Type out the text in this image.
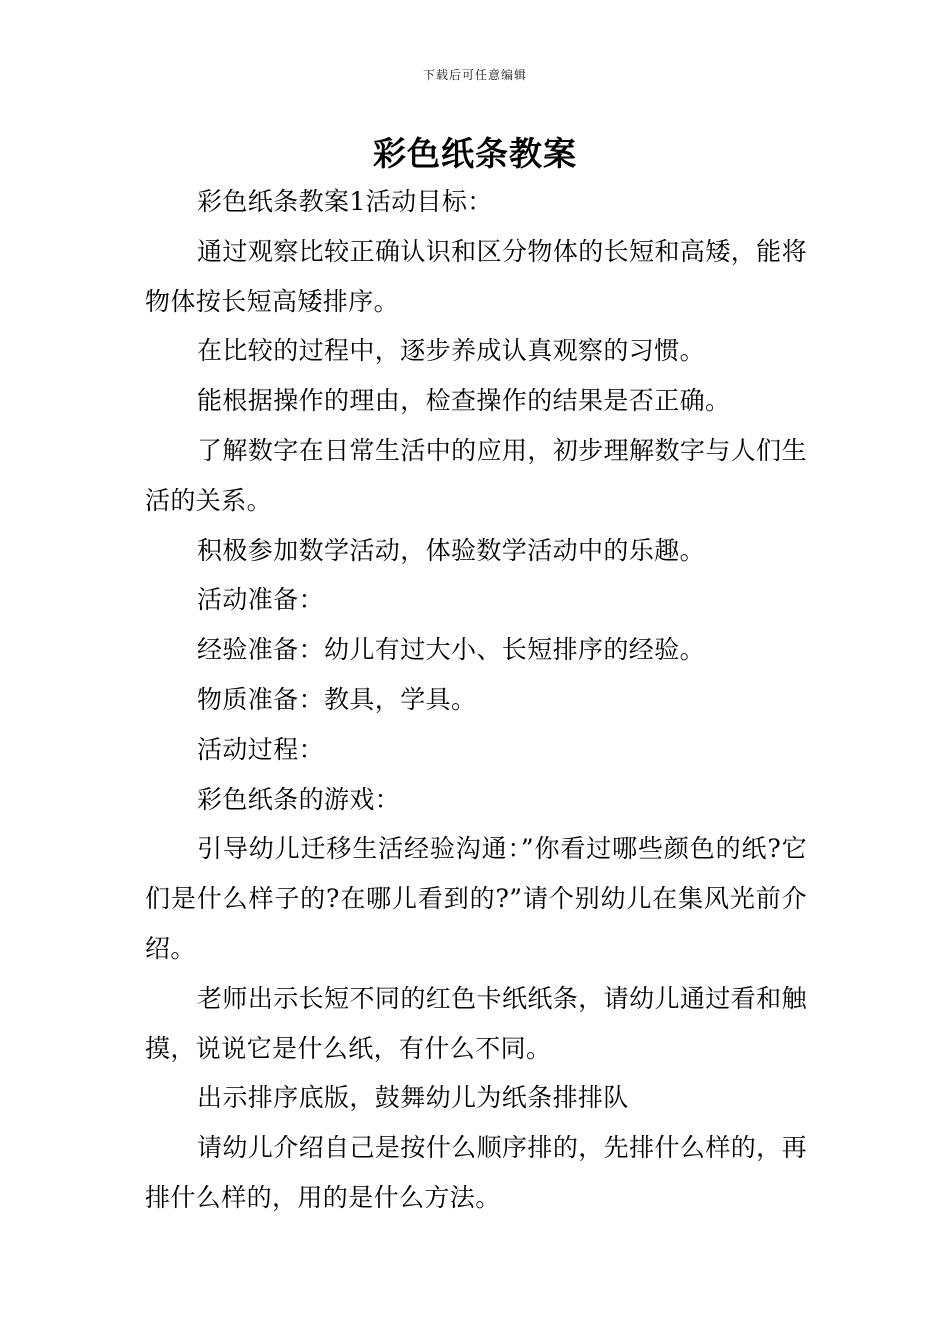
下载后可任意编辑
彩色纸条教案

彩色纸条教案1活动目标：

通过观察比较正确认识和区分物体的长短和高矮，能将物体按长短高矮排序。

在比较的过程中，逐步养成认真观察的习惯。

能根据操作的理由，检查操作的结果是否正确。

了解数字在日常生活中的应用，初步理解数字与人们生活的关系。

积极参加数学活动，体验数学活动中的乐趣。

活动准备：

经验准备：幼儿有过大小、长短排序的经验。

物质准备：教具，学具。

活动过程：

彩色纸条的游戏：

引导幼儿迁移生活经验沟通：”你看过哪些颜色的纸?它们是什么样子的?在哪儿看到的?”请个别幼儿在集风光前介绍。

老师出示长短不同的红色卡纸纸条，请幼儿通过看和触摸，说说它是什么纸，有什么不同。

出示排序底版，鼓舞幼儿为纸条排排队

请幼儿介绍自己是按什么顺序排的，先排什么样的，再排什么样的，用的是什么方法。
